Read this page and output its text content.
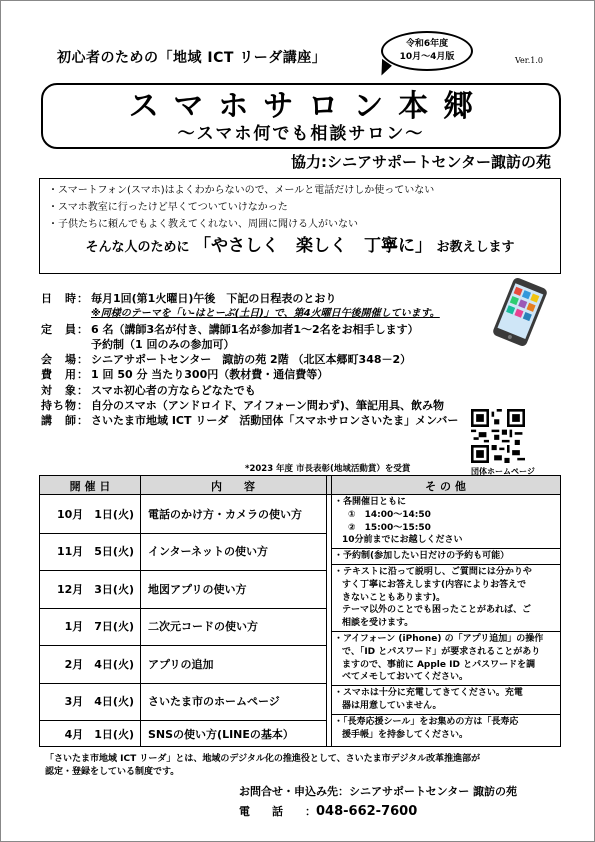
初心者のための「地域 ICT リーダ講座」	Ver.1.0
令和6年度
10月～4月版
スマホサロン本郷
～スマホ何でも相談サロン～
協力:シニアサポートセンター諏訪の苑
・スマートフォン(スマホ)はよくわからないので、メールと電話だけしか使っていない
・スマホ教室に行ったけど早くてついていけなかった
・子供たちに頼んでもよく教えてくれない、周囲に聞ける人がいない
そんな人のために 「やさしく　楽しく　丁寧に」 お教えします
日　時： 毎月1回(第1火曜日)午後　下記の日程表のとおり
※同様のテーマを「い-はとーぶ(土日)」で、第4火曜日午後開催しています。
定　員： 6 名（講師3名が付き、講師1名が参加者1～2名をお相手します）
予約制（1 回のみの参加可）
会　場： シニアサポートセンター　諏訪の苑 2階 （北区本郷町348－2）
費　用： 1 回 50 分 当たり300円（教材費・通信費等）
対　象： スマホ初心者の方ならどなたでも
持ち物： 自分のスマホ（アンドロイド、アイフォーン問わず)、筆記用具、飲み物
講　師： さいたま市地域 ICT リーダ　活動団体「スマホサロンさいたま」メンバー
*2023 年度 市長表彰(地域活動賞）を受賞	団体ホームページ
開 催 日	内　　容	そ の 他
10月　1日(火)	電話のかけ方・カメラの使い方
11月　5日(火)	インターネットの使い方
12月　3日(火)	地図アプリの使い方
1月　7日(火)	二次元コードの使い方
2月　4日(火)	アプリの追加
3月　4日(火)	さいたま市のホームページ
4月　1日(火)	SNSの使い方(LINEの基本）
・各開催日ともに
①　14:00～14:50
②　15:00～15:50
10分前までにお越しください
・予約制(参加したい日だけの予約も可能）
・テキストに沿って説明し、ご質問には分かりや
すく丁寧にお答えします(内容によりお答えで
きないこともあります)。
テーマ以外のことでも困ったことがあれば、ご
相談を受けます。
・アイフォーン (iPhone) の「アプリ追加」の操作
で、「ID とパスワード」が要求されることがあり
ますので、事前に Apple ID とパスワードを調
べてメモしておいてください。
・スマホは十分に充電してきてください。充電
器は用意していません。
・「長寿応援シール」をお集めの方は「長寿応
援手帳」を持参してください。
「さいたま市地域 ICT リーダ」とは、地域のデジタル化の推進役として、さいたま市デジタル改革推進部が
認定・登録をしている制度です。
お問合せ・申込み先：シニアサポートセンター 諏訪の苑
電　　話　　：048-662-7600
